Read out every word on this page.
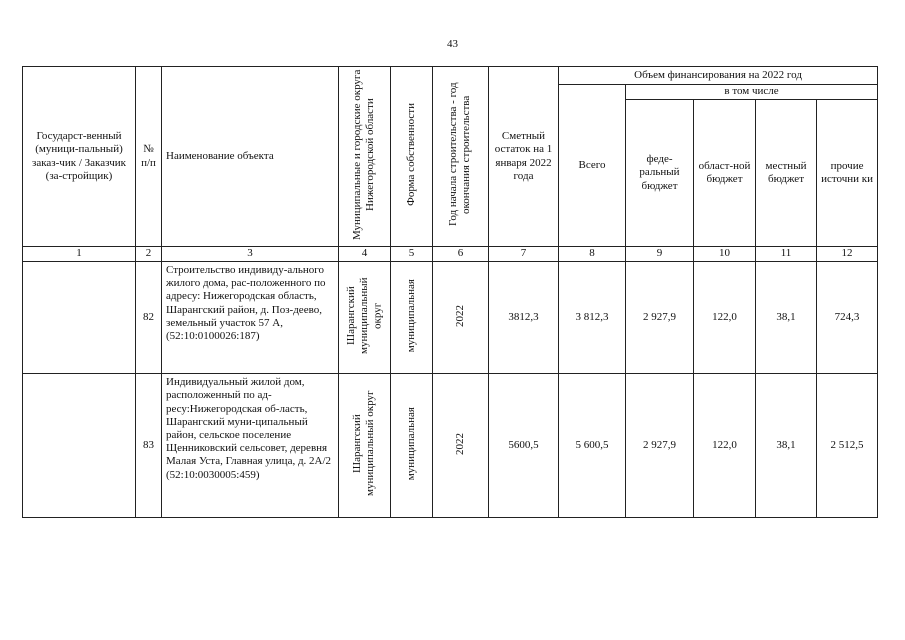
43
Государст-венный (муници-пальный) заказ-чик / Заказчик (за-стройщик)	№ п/п	Наименование объекта	Муниципальные и городские округа Нижегородской области	Форма собственности	Год начала строительства - год окончания строительства	Сметный остаток на 1 января 2022 года	Объем финансирования на 2022 год				
							Всего	в том числе			
								феде-ральный бюджет	област-ной бюджет	местный бюджет	прочие источни ки
1	2	3	4	5	6	7	8	9	10	11	12
	82	Строительство индивиду-ального жилого дома, рас-положенного по адресу: Нижегородская область, Шарангский район, д. Поз-деево, земельный участок 57 А, (52:10:0100026:187)	Шарангский муниципальный округ	муниципальная	2022	3812,3	3 812,3	2 927,9	122,0	38,1	724,3
	83	Индивидуальный жилой дом, расположенный по ад-ресу:Нижегородская об-ласть, Шарангский муни-ципальный район, сельское поселение Щенниковский сельсовет, деревня Малая Уста, Главная улица, д. 2А/2 (52:10:0030005:459)	Шарангский муниципальный округ	муниципальная	2022	5600,5	5 600,5	2 927,9	122,0	38,1	2 512,5
